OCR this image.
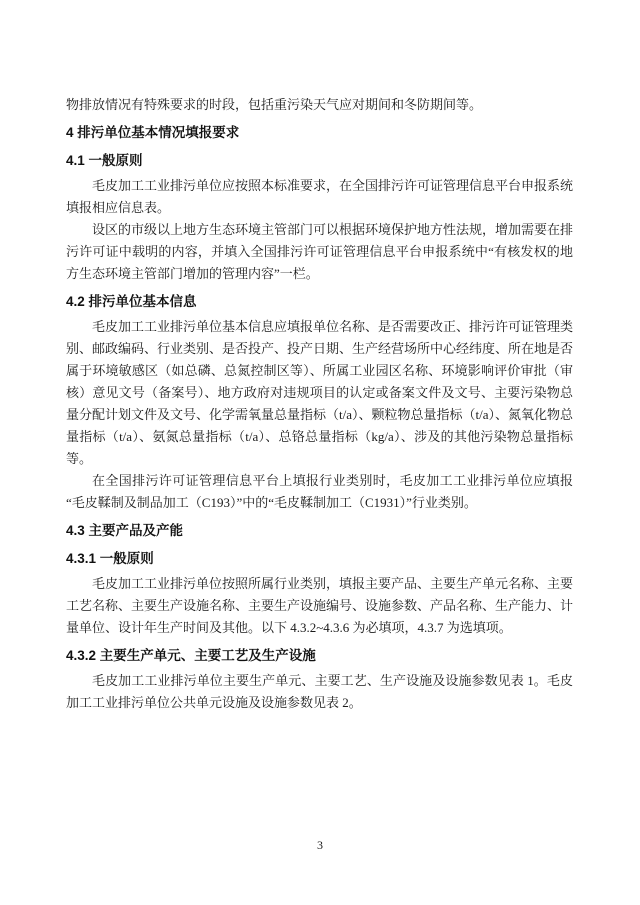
物排放情况有特殊要求的时段，包括重污染天气应对期间和冬防期间等。

4 排污单位基本情况填报要求
4.1 一般原则

毛皮加工工业排污单位应按照本标准要求，在全国排污许可证管理信息平台申报系统填报相应信息表。

设区的市级以上地方生态环境主管部门可以根据环境保护地方性法规，增加需要在排污许可证中载明的内容，并填入全国排污许可证管理信息平台申报系统中“有核发权的地方生态环境主管部门增加的管理内容”一栏。

4.2 排污单位基本信息

毛皮加工工业排污单位基本信息应填报单位名称、是否需要改正、排污许可证管理类别、邮政编码、行业类别、是否投产、投产日期、生产经营场所中心经纬度、所在地是否属于环境敏感区（如总磷、总氮控制区等）、所属工业园区名称、环境影响评价审批（审核）意见文号（备案号）、地方政府对违规项目的认定或备案文件及文号、主要污染物总量分配计划文件及文号、化学需氧量总量指标（t/a）、颗粒物总量指标（t/a）、氮氧化物总量指标（t/a）、氨氮总量指标（t/a）、总铬总量指标（kg/a）、涉及的其他污染物总量指标等。

在全国排污许可证管理信息平台上填报行业类别时，毛皮加工工业排污单位应填报“毛皮鞣制及制品加工（C193）”中的“毛皮鞣制加工（C1931）”行业类别。

4.3 主要产品及产能
4.3.1 一般原则

毛皮加工工业排污单位按照所属行业类别，填报主要产品、主要生产单元名称、主要工艺名称、主要生产设施名称、主要生产设施编号、设施参数、产品名称、生产能力、计量单位、设计年生产时间及其他。以下 4.3.2~4.3.6 为必填项，4.3.7 为选填项。

4.3.2 主要生产单元、主要工艺及生产设施

毛皮加工工业排污单位主要生产单元、主要工艺、生产设施及设施参数见表 1。毛皮加工工业排污单位公共单元设施及设施参数见表 2。

3
